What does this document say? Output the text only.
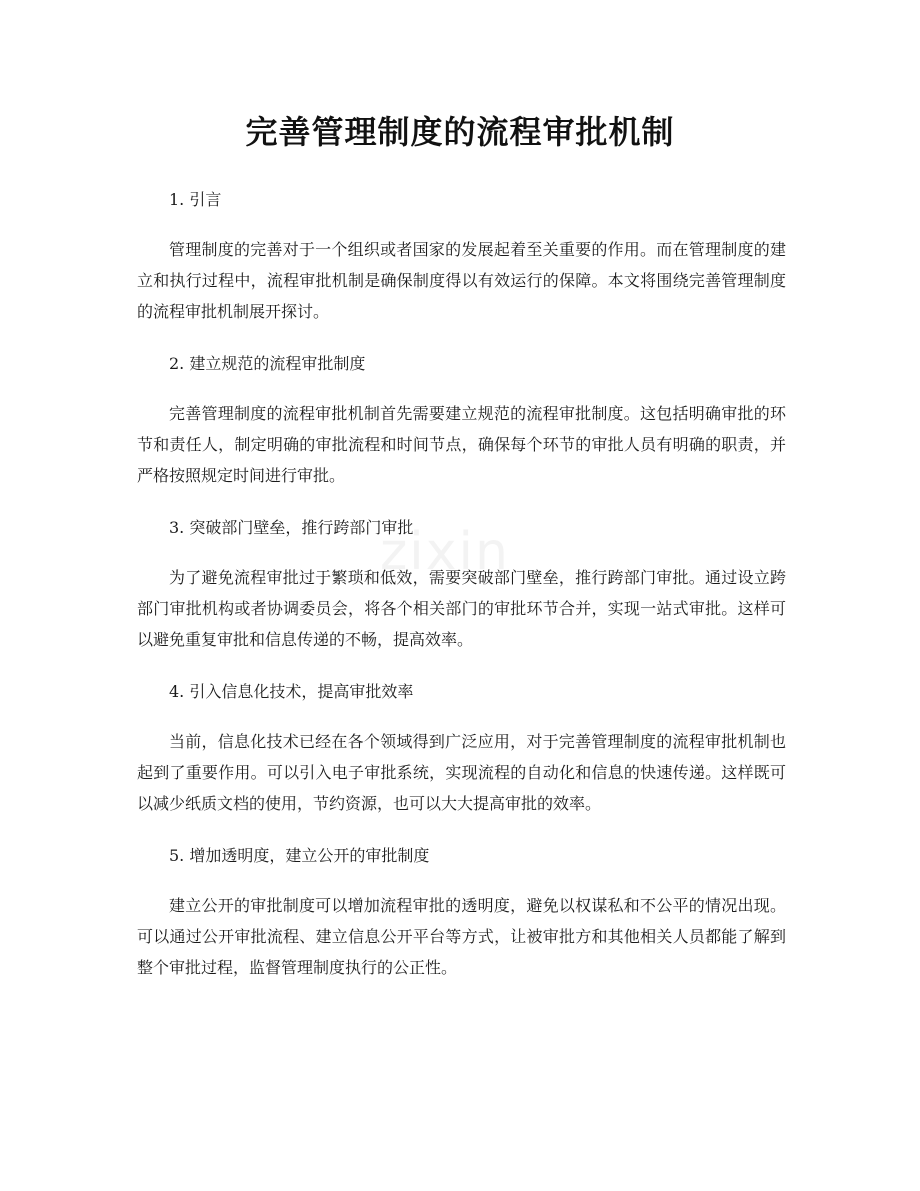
完善管理制度的流程审批机制
zixin

1. 引言

管理制度的完善对于一个组织或者国家的发展起着至关重要的作用。而在管理制度的建立和执行过程中，流程审批机制是确保制度得以有效运行的保障。本文将围绕完善管理制度的流程审批机制展开探讨。

2. 建立规范的流程审批制度

完善管理制度的流程审批机制首先需要建立规范的流程审批制度。这包括明确审批的环节和责任人，制定明确的审批流程和时间节点，确保每个环节的审批人员有明确的职责，并严格按照规定时间进行审批。

3. 突破部门壁垒，推行跨部门审批

为了避免流程审批过于繁琐和低效，需要突破部门壁垒，推行跨部门审批。通过设立跨部门审批机构或者协调委员会，将各个相关部门的审批环节合并，实现一站式审批。这样可以避免重复审批和信息传递的不畅，提高效率。

4. 引入信息化技术，提高审批效率

当前，信息化技术已经在各个领域得到广泛应用，对于完善管理制度的流程审批机制也起到了重要作用。可以引入电子审批系统，实现流程的自动化和信息的快速传递。这样既可以减少纸质文档的使用，节约资源，也可以大大提高审批的效率。

5. 增加透明度，建立公开的审批制度

建立公开的审批制度可以增加流程审批的透明度，避免以权谋私和不公平的情况出现。可以通过公开审批流程、建立信息公开平台等方式，让被审批方和其他相关人员都能了解到整个审批过程，监督管理制度执行的公正性。
